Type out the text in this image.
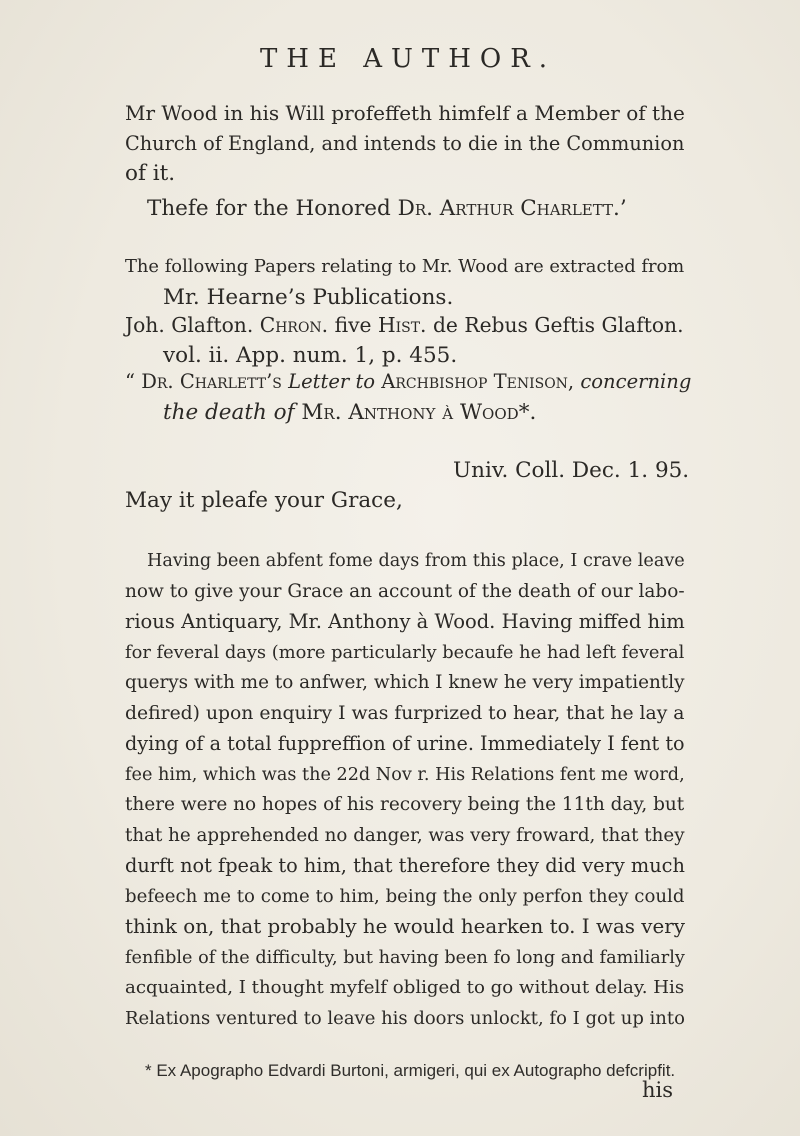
THE AUTHOR.
Mr Wood in his Will profeffeth himfelf a Member of the
Church of England, and intends to die in the Communion
of it.
Thefe for the Honored Dr. Arthur Charlett.’
The following Papers relating to Mr. Wood are extracted from
Mr. Hearne’s Publications.
Joh. Glafton. Chron. five Hist. de Rebus Geftis Glafton.
vol. ii. App. num. 1, p. 455.
“ Dr. Charlett’s Letter to Archbishop Tenison, concerning
the death of Mr. Anthony à Wood*.
Univ. Coll. Dec. 1. 95.
May it pleafe your Grace,
Having been abfent fome days from this place, I crave leave
now to give your Grace an account of the death of our labo-
rious Antiquary, Mr. Anthony à Wood. Having miffed him
for feveral days (more particularly becaufe he had left feveral
querys with me to anfwer, which I knew he very impatiently
defired) upon enquiry I was furprized to hear, that he lay a
dying of a total fuppreffion of urine. Immediately I fent to
fee him, which was the 22d Nov r. His Relations fent me word,
there were no hopes of his recovery being the 11th day, but
that he apprehended no danger, was very froward, that they
durft not fpeak to him, that therefore they did very much
befeech me to come to him, being the only perfon they could
think on, that probably he would hearken to. I was very
fenfible of the difficulty, but having been fo long and familiarly
acquainted, I thought myfelf obliged to go without delay. His
Relations ventured to leave his doors unlockt, fo I got up into
* Ex Apographo Edvardi Burtoni, armigeri, qui ex Autographo defcripfit.
his
